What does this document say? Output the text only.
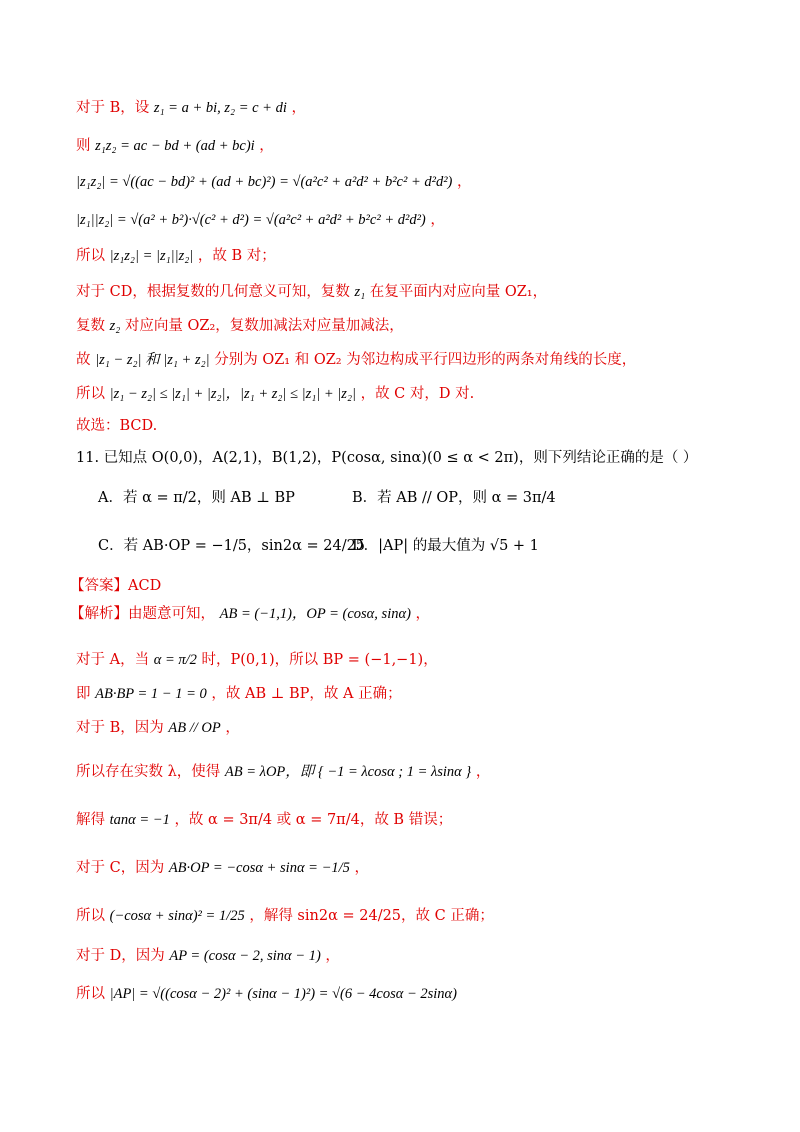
对于 B，设 z₁ = a + bi, z₂ = c + di ，
则 z₁z₂ = ac − bd + (ad + bc)i ，
|z₁z₂| = √((ac − bd)² + (ad + bc)²) = √(a²c² + a²d² + b²c² + d²d²) ，
|z₁||z₂| = √(a² + b²)·√(c² + d²) = √(a²c² + a²d² + b²c² + d²d²) ，
所以 |z₁z₂| = |z₁||z₂| ，故 B 对；
对于 CD，根据复数的几何意义可知，复数 z₁ 在复平面内对应向量 OZ₁，
复数 z₂ 对应向量 OZ₂，复数加减法对应量加减法，
故 |z₁ − z₂| 和 |z₁ + z₂| 分别为 OZ₁ 和 OZ₂ 为邻边构成平行四边形的两条对角线的长度，
所以 |z₁ − z₂| ≤ |z₁| + |z₂|，|z₁ + z₂| ≤ |z₁| + |z₂| ，故 C 对，D 对.
故选：BCD.
11. 已知点 O(0,0)，A(2,1)，B(1,2)，P(cosα, sinα)(0 ≤ α < 2π)，则下列结论正确的是（ ）
A．若 α = π/2，则 AB ⊥ BP	B．若 AB // OP，则 α = 3π/4
C．若 AB·OP = −1/5，sin2α = 24/25
D．|AP| 的最大值为 √5 + 1
【答案】ACD
【解析】由题意可知， AB = (−1,1)，OP = (cosα, sinα) ，
对于 A，当 α = π/2 时，P(0,1)，所以 BP = (−1,−1)，
即 AB·BP = 1 − 1 = 0 ，故 AB ⊥ BP，故 A 正确；
对于 B，因为 AB // OP ，
所以存在实数 λ，使得 AB = λOP，即 { −1 = λcosα ; 1 = λsinα } ，
解得 tanα = −1 ，故 α = 3π/4 或 α = 7π/4，故 B 错误；
对于 C，因为 AB·OP = −cosα + sinα = −1/5 ，
所以 (−cosα + sinα)² = 1/25 ，解得 sin2α = 24/25，故 C 正确；
对于 D，因为 AP = (cosα − 2, sinα − 1) ，
所以 |AP| = √((cosα − 2)² + (sinα − 1)²) = √(6 − 4cosα − 2sinα)
